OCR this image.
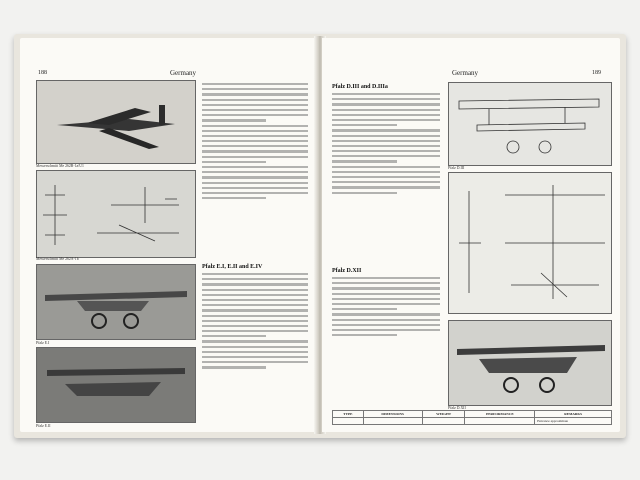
188	Germany
Messerschmitt Me 262B-1a/U1
Messerschmitt Me 262A-1b
Pfalz E.I
Pfalz E.II
Pfalz E.I, E.II and E.IV
Germany	189
Pfalz D.III and D.IIIa
Pfalz D.XII
Pfalz D.III
Pfalz D.XII
TYPE	DIMENSIONS	WEIGHT	PERFORMANCE	REMARKS
				Entrance approximate
